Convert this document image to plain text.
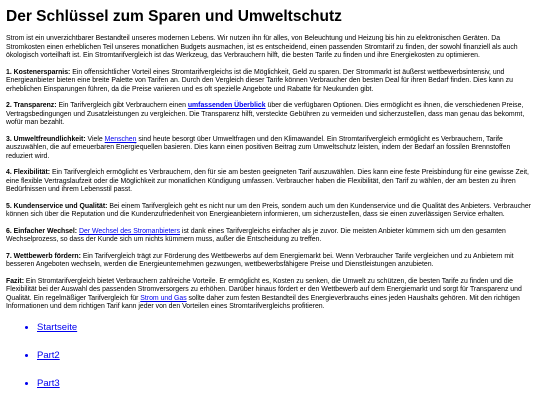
Der Schlüssel zum Sparen und Umweltschutz

Strom ist ein unverzichtbarer Bestandteil unseres modernen Lebens. Wir nutzen ihn für alles, von Beleuchtung und Heizung bis hin zu elektronischen Geräten. Da Stromkosten einen erheblichen Teil unseres monatlichen Budgets ausmachen, ist es entscheidend, einen passenden Stromtarif zu finden, der sowohl finanziell als auch ökologisch vorteilhaft ist. Ein Stromtarifvergleich ist das Werkzeug, das Verbrauchern hilft, die besten Tarife zu finden und ihre Energiekosten zu optimieren.

1. Kostenersparnis: Ein offensichtlicher Vorteil eines Stromtarifvergleichs ist die Möglichkeit, Geld zu sparen. Der Strommarkt ist äußerst wettbewerbsintensiv, und Energieanbieter bieten eine breite Palette von Tarifen an. Durch den Vergleich dieser Tarife können Verbraucher den besten Deal für ihren Bedarf finden. Dies kann zu erheblichen Einsparungen führen, da die Preise variieren und es oft spezielle Angebote und Rabatte für Neukunden gibt.

2. Transparenz: Ein Tarifvergleich gibt Verbrauchern einen umfassenden Überblick über die verfügbaren Optionen. Dies ermöglicht es ihnen, die verschiedenen Preise, Vertragsbedingungen und Zusatzleistungen zu vergleichen. Die Transparenz hilft, versteckte Gebühren zu vermeiden und sicherzustellen, dass man genau das bekommt, wofür man bezahlt.

3. Umweltfreundlichkeit: Viele Menschen sind heute besorgt über Umweltfragen und den Klimawandel. Ein Stromtarifvergleich ermöglicht es Verbrauchern, Tarife auszuwählen, die auf erneuerbaren Energiequellen basieren. Dies kann einen positiven Beitrag zum Umweltschutz leisten, indem der Bedarf an fossilen Brennstoffen reduziert wird.

4. Flexibilität: Ein Tarifvergleich ermöglicht es Verbrauchern, den für sie am besten geeigneten Tarif auszuwählen. Dies kann eine feste Preisbindung für eine gewisse Zeit, eine flexible Vertragslaufzeit oder die Möglichkeit zur monatlichen Kündigung umfassen. Verbraucher haben die Flexibilität, den Tarif zu wählen, der am besten zu ihren Bedürfnissen und ihrem Lebensstil passt.

5. Kundenservice und Qualität: Bei einem Tarifvergleich geht es nicht nur um den Preis, sondern auch um den Kundenservice und die Qualität des Anbieters. Verbraucher können sich über die Reputation und die Kundenzufriedenheit von Energieanbietern informieren, um sicherzustellen, dass sie einen zuverlässigen Service erhalten.

6. Einfacher Wechsel: Der Wechsel des Stromanbieters ist dank eines Tarifvergleichs einfacher als je zuvor. Die meisten Anbieter kümmern sich um den gesamten Wechselprozess, so dass der Kunde sich um nichts kümmern muss, außer die Entscheidung zu treffen.

7. Wettbewerb fördern: Ein Tarifvergleich trägt zur Förderung des Wettbewerbs auf dem Energiemarkt bei. Wenn Verbraucher Tarife vergleichen und zu Anbietern mit besseren Angeboten wechseln, werden die Energieunternehmen gezwungen, wettbewerbsfähigere Preise und Dienstleistungen anzubieten.

Fazit: Ein Stromtarifvergleich bietet Verbrauchern zahlreiche Vorteile. Er ermöglicht es, Kosten zu senken, die Umwelt zu schützen, die besten Tarife zu finden und die Flexibilität bei der Auswahl des passenden Stromversorgers zu erhöhen. Darüber hinaus fördert er den Wettbewerb auf dem Energiemarkt und sorgt für Transparenz und Qualität. Ein regelmäßiger Tarifvergleich für Strom und Gas sollte daher zum festen Bestandteil des Energieverbrauchs eines jeden Haushalts gehören. Mit den richtigen Informationen und dem richtigen Tarif kann jeder von den Vorteilen eines Stromtarifvergleichs profitieren.

• Startseite
• Part2
• Part3
